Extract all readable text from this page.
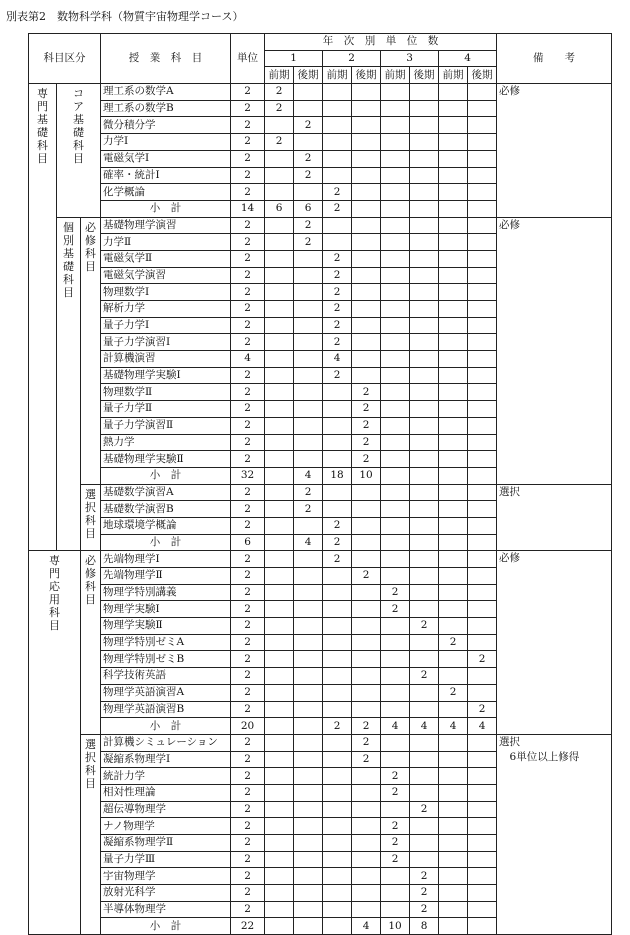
別表第2　数物科学科（物質宇宙物理学コース）
科目区分			授　業　科　目	単位	年　次　別　単　位　数								備　　考
					1		2		3		4		
					前期	後期	前期	後期	前期	後期	前期	後期	

専門基礎科目	コア基礎科目		理工系の数学A	2	2								必修
			理工系の数学B	2	2								
			微分積分学	2		2							
			力学Ⅰ	2	2								
			電磁気学Ⅰ	2		2							
			確率・統計Ⅰ	2		2							
			化学概論	2			2						
			小　計	14	6	6	2						

	個別基礎科目	必修科目	基礎物理学演習	2		2							必修
			力学Ⅱ	2		2							
			電磁気学Ⅱ	2			2						
			電磁気学演習	2			2						
			物理数学Ⅰ	2			2						
			解析力学	2			2						
			量子力学Ⅰ	2			2						
			量子力学演習Ⅰ	2			2						
			計算機演習	4			4						
			基礎物理学実験Ⅰ	2			2						
			物理数学Ⅱ	2				2					
			量子力学Ⅱ	2				2					
			量子力学演習Ⅱ	2				2					
			熱力学	2				2					
			基礎物理学実験Ⅱ	2				2					
			小　計	32		4	18	10					

		選択科目	基礎数学演習A	2		2							選択
			基礎数学演習B	2		2							
			地球環境学概論	2			2						
			小　計	6		4	2						

専門応用科目		必修科目	先端物理学Ⅰ	2			2						必修
			先端物理学Ⅱ	2				2					
			物理学特別講義	2					2				
			物理学実験Ⅰ	2					2				
			物理学実験Ⅱ	2						2			
			物理学特別ゼミA	2							2		
			物理学特別ゼミB	2								2	
			科学技術英語	2						2			
			物理学英語演習A	2							2		
			物理学英語演習B	2								2	
			小　計	20			2	2	4	4	4	4	

		選択科目	計算機シミュレーション	2				2					選択
　6単位以上修得
			凝縮系物理学Ⅰ	2				2					
			統計力学	2					2				
			相対性理論	2					2				
			超伝導物理学	2						2			
			ナノ物理学	2					2				
			凝縮系物理学Ⅱ	2					2				
			量子力学Ⅲ	2					2				
			宇宙物理学	2						2			
			放射光科学	2						2			
			半導体物理学	2						2			
			小　計	22				4	10	8			
